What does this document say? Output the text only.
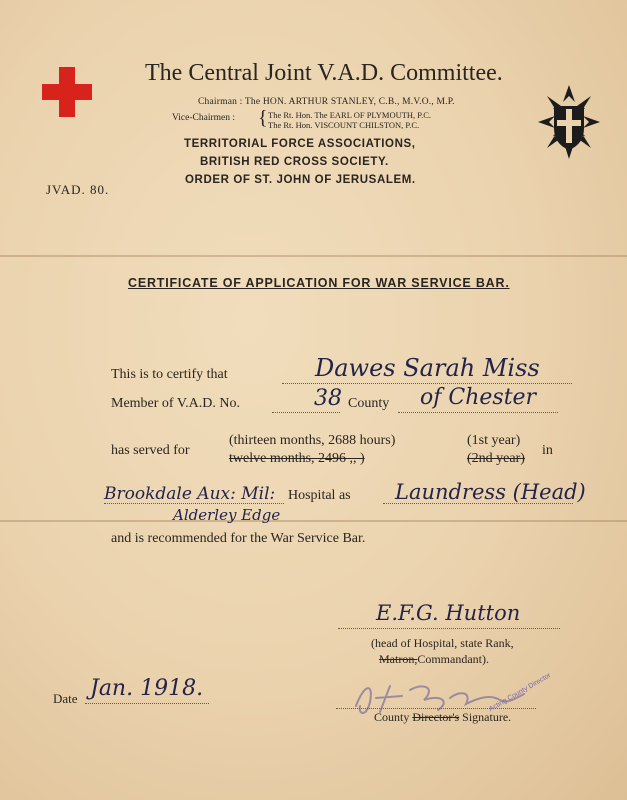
The Central Joint V.A.D. Committee.
Chairman : The HON. ARTHUR STANLEY, C.B., M.V.O., M.P.
Vice-Chairmen : { The Rt. Hon. The EARL OF PLYMOUTH, P.C.
The Rt. Hon. VISCOUNT CHILSTON, P.C.
TERRITORIAL FORCE ASSOCIATIONS,
BRITISH RED CROSS SOCIETY.
ORDER OF ST. JOHN OF JERUSALEM.
JVAD. 80.
CERTIFICATE OF APPLICATION FOR WAR SERVICE BAR.
This is to certify that	Dawes Sarah Miss
Member of V.A.D. No.	38 County of Chester
has served for
(thirteen months, 2688 hours)	(1st year)
twelve months, 2496 ,, )	(2nd year)
in
Brookdale Aux: Mil: Hospital as Laundress (Head)
Alderley Edge
and is recommended for the War Service Bar.
E.F.G. Hutton
(head of Hospital, state Rank,
Matron,Commandant).
Date Jan. 1918.
County Director's Signature.
Acting County Director
